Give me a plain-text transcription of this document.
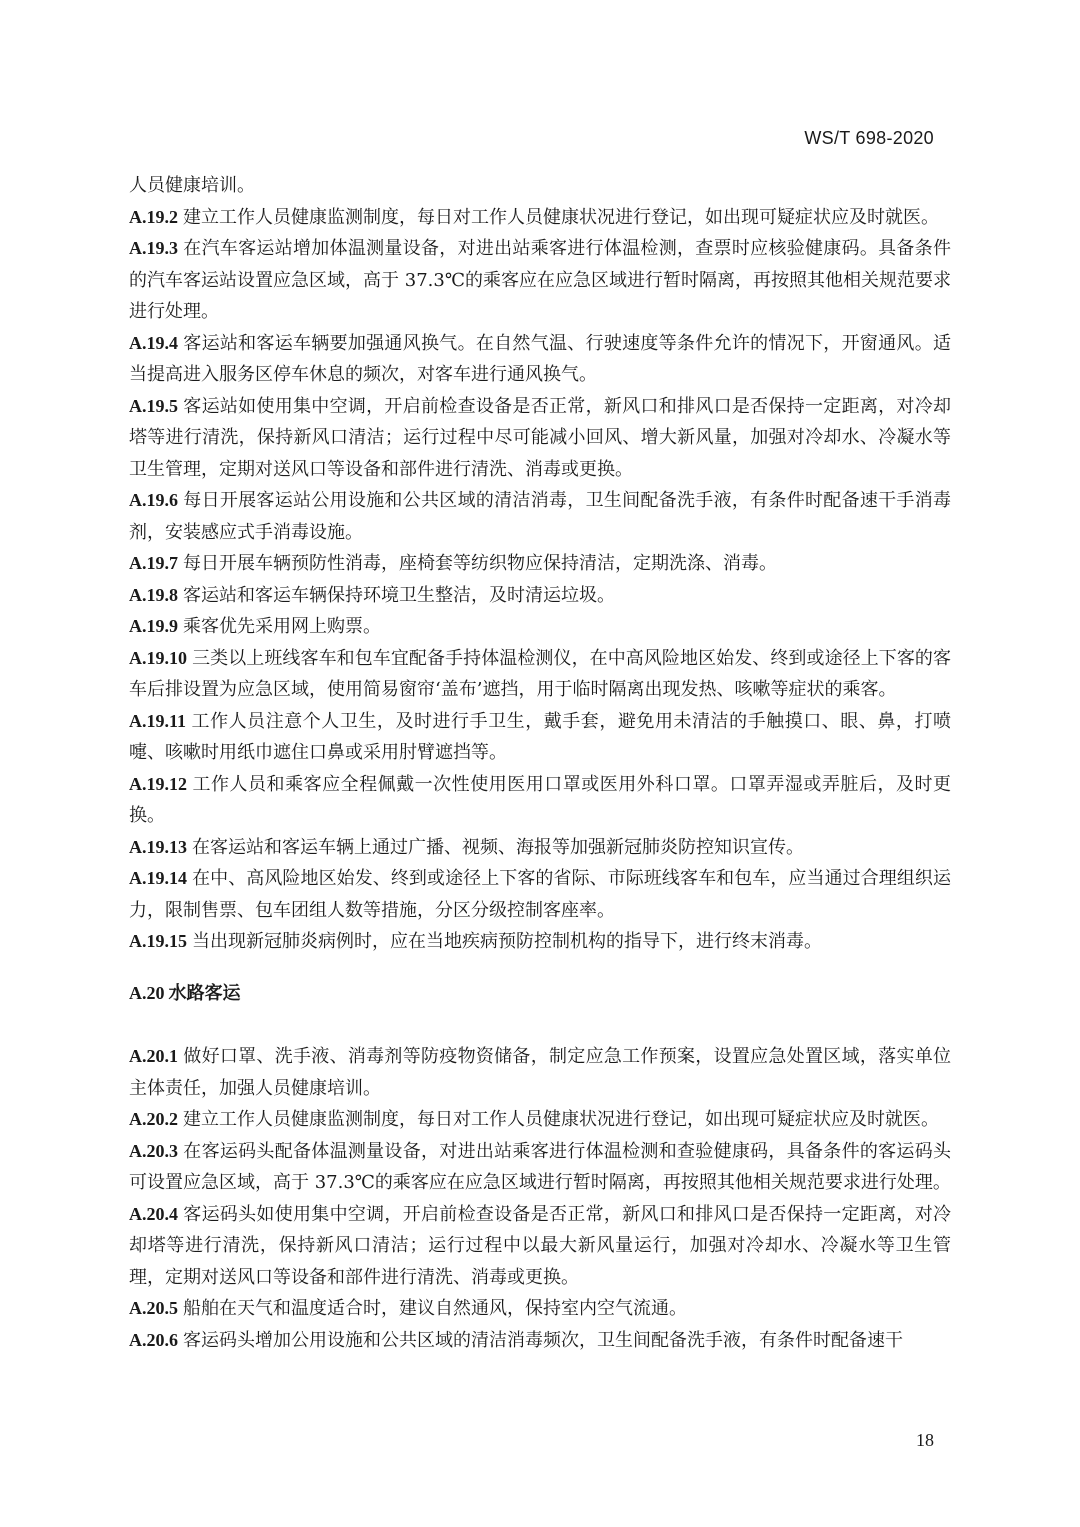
WS/T 698-2020

人员健康培训。

A.19.2 建立工作人员健康监测制度，每日对工作人员健康状况进行登记，如出现可疑症状应及时就医。

A.19.3 在汽车客运站增加体温测量设备，对进出站乘客进行体温检测，查票时应核验健康码。具备条件的汽车客运站设置应急区域，高于 37.3℃的乘客应在应急区域进行暂时隔离，再按照其他相关规范要求进行处理。

A.19.4 客运站和客运车辆要加强通风换气。在自然气温、行驶速度等条件允许的情况下，开窗通风。适当提高进入服务区停车休息的频次，对客车进行通风换气。

A.19.5 客运站如使用集中空调，开启前检查设备是否正常，新风口和排风口是否保持一定距离，对冷却塔等进行清洗，保持新风口清洁；运行过程中尽可能减小回风、增大新风量，加强对冷却水、冷凝水等卫生管理，定期对送风口等设备和部件进行清洗、消毒或更换。

A.19.6 每日开展客运站公用设施和公共区域的清洁消毒，卫生间配备洗手液，有条件时配备速干手消毒剂，安装感应式手消毒设施。

A.19.7 每日开展车辆预防性消毒，座椅套等纺织物应保持清洁，定期洗涤、消毒。

A.19.8 客运站和客运车辆保持环境卫生整洁，及时清运垃圾。

A.19.9 乘客优先采用网上购票。

A.19.10 三类以上班线客车和包车宜配备手持体温检测仪，在中高风险地区始发、终到或途径上下客的客车后排设置为应急区域，使用简易窗帘‘盖布’遮挡，用于临时隔离出现发热、咳嗽等症状的乘客。

A.19.11 工作人员注意个人卫生，及时进行手卫生，戴手套，避免用未清洁的手触摸口、眼、鼻，打喷嚏、咳嗽时用纸巾遮住口鼻或采用肘臂遮挡等。

A.19.12 工作人员和乘客应全程佩戴一次性使用医用口罩或医用外科口罩。口罩弄湿或弄脏后，及时更换。

A.19.13 在客运站和客运车辆上通过广播、视频、海报等加强新冠肺炎防控知识宣传。

A.19.14 在中、高风险地区始发、终到或途径上下客的省际、市际班线客车和包车，应当通过合理组织运力，限制售票、包车团组人数等措施，分区分级控制客座率。

A.19.15 当出现新冠肺炎病例时，应在当地疾病预防控制机构的指导下，进行终末消毒。

A.20 水路客运

A.20.1 做好口罩、洗手液、消毒剂等防疫物资储备，制定应急工作预案，设置应急处置区域，落实单位主体责任，加强人员健康培训。

A.20.2 建立工作人员健康监测制度，每日对工作人员健康状况进行登记，如出现可疑症状应及时就医。

A.20.3 在客运码头配备体温测量设备，对进出站乘客进行体温检测和查验健康码，具备条件的客运码头可设置应急区域，高于 37.3℃的乘客应在应急区域进行暂时隔离，再按照其他相关规范要求进行处理。

A.20.4 客运码头如使用集中空调，开启前检查设备是否正常，新风口和排风口是否保持一定距离，对冷却塔等进行清洗，保持新风口清洁；运行过程中以最大新风量运行，加强对冷却水、冷凝水等卫生管理，定期对送风口等设备和部件进行清洗、消毒或更换。

A.20.5 船舶在天气和温度适合时，建议自然通风，保持室内空气流通。

A.20.6 客运码头增加公用设施和公共区域的清洁消毒频次，卫生间配备洗手液，有条件时配备速干

18
